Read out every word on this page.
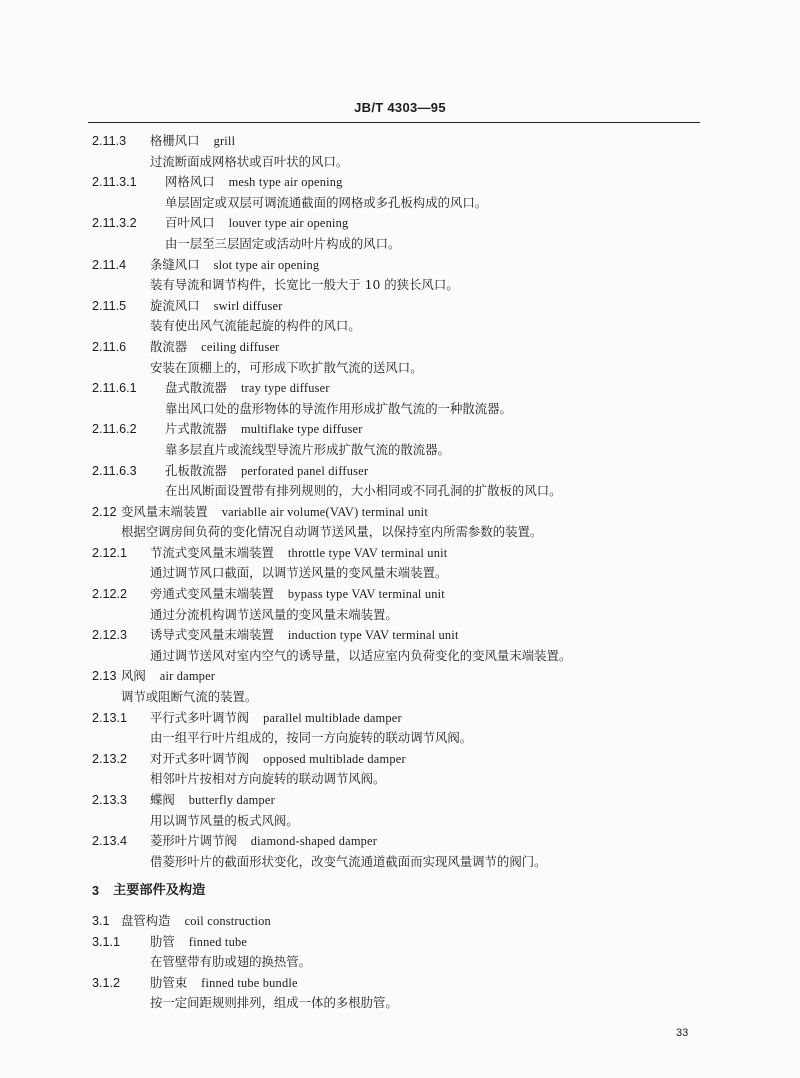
JB/T 4303—95
2.11.3 格栅风口 grill
过流断面成网格状或百叶状的风口。
2.11.3.1 网格风口 mesh type air opening
单层固定或双层可调流通截面的网格或多孔板构成的风口。
2.11.3.2 百叶风口 louver type air opening
由一层至三层固定或活动叶片构成的风口。
2.11.4 条缝风口 slot type air opening
装有导流和调节构件，长宽比一般大于 10 的狭长风口。
2.11.5 旋流风口 swirl diffuser
装有使出风气流能起旋的构件的风口。
2.11.6 散流器 ceiling diffuser
安装在顶棚上的，可形成下吹扩散气流的送风口。
2.11.6.1 盘式散流器 tray type diffuser
靠出风口处的盘形物体的导流作用形成扩散气流的一种散流器。
2.11.6.2 片式散流器 multiflake type diffuser
靠多层直片或流线型导流片形成扩散气流的散流器。
2.11.6.3 孔板散流器 perforated panel diffuser
在出风断面设置带有排列规则的，大小相同或不同孔洞的扩散板的风口。
2.12 变风量末端装置 variablle air volume(VAV) terminal unit
根据空调房间负荷的变化情况自动调节送风量，以保持室内所需参数的装置。
2.12.1 节流式变风量末端装置 throttle type VAV terminal unit
通过调节风口截面，以调节送风量的变风量末端装置。
2.12.2 旁通式变风量末端装置 bypass type VAV terminal unit
通过分流机构调节送风量的变风量末端装置。
2.12.3 诱导式变风量末端装置 induction type VAV terminal unit
通过调节送风对室内空气的诱导量，以适应室内负荷变化的变风量末端装置。
2.13 风阀 air damper
调节或阻断气流的装置。
2.13.1 平行式多叶调节阀 parallel multiblade damper
由一组平行叶片组成的，按同一方向旋转的联动调节风阀。
2.13.2 对开式多叶调节阀 opposed multiblade damper
相邻叶片按相对方向旋转的联动调节风阀。
2.13.3 蝶阀 butterfly damper
用以调节风量的板式风阀。
2.13.4 菱形叶片调节阀 diamond-shaped damper
借菱形叶片的截面形状变化，改变气流通道截面而实现风量调节的阀门。
3 主要部件及构造
3.1 盘管构造 coil construction
3.1.1 肋管 finned tube
在管壁带有肋或翅的换热管。
3.1.2 肋管束 finned tube bundle
按一定间距规则排列，组成一体的多根肋管。
33
